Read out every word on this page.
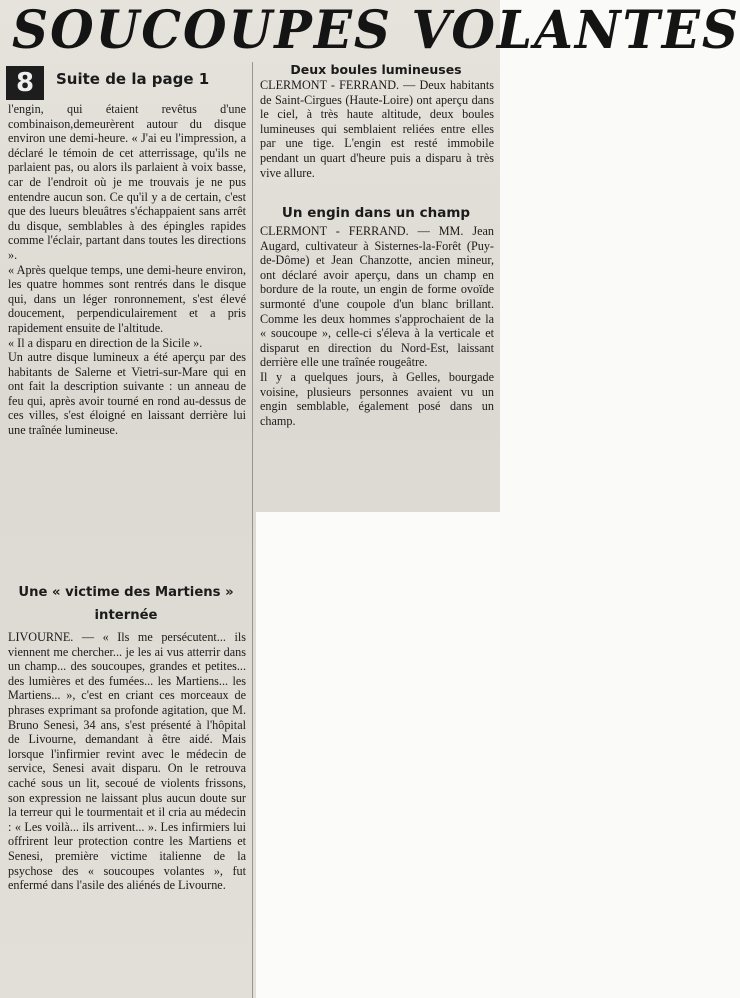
SOUCOUPES VOLANTES
8	Suite de la page 1
l'engin, qui étaient revêtus d'une combinaison,demeurèrent autour du disque environ une demi-heure. « J'ai eu l'impression, a déclaré le témoin de cet atterrissage, qu'ils ne parlaient pas, ou alors ils parlaient à voix basse, car de l'endroit où je me trouvais je ne pus entendre aucun son. Ce qu'il y a de certain, c'est que des lueurs bleuâtres s'échappaient sans arrêt du disque, semblables à des épingles rapides comme l'éclair, partant dans toutes les directions ».
« Après quelque temps, une demi-heure environ, les quatre hommes sont rentrés dans le disque qui, dans un léger ronronnement, s'est élevé doucement, perpendiculairement et a pris rapidement ensuite de l'altitude.
« Il a disparu en direction de la Sicile ».
Un autre disque lumineux a été aperçu par des habitants de Salerne et Vietri-sur-Mare qui en ont fait la description suivante : un anneau de feu qui, après avoir tourné en rond au-dessus de ces villes, s'est éloigné en laissant derrière lui une traînée lumineuse.
Une « victime des Martiens »
internée
LIVOURNE. — « Ils me persécutent... ils viennent me chercher... je les ai vus atterrir dans un champ... des soucoupes, grandes et petites... des lumières et des fumées... les Martiens... les Martiens... », c'est en criant ces morceaux de phrases exprimant sa profonde agitation, que M. Bruno Senesi, 34 ans, s'est présenté à l'hôpital de Livourne, demandant à être aidé. Mais lorsque l'infirmier revint avec le médecin de service, Senesi avait disparu. On le retrouva caché sous un lit, secoué de violents frissons, son expression ne laissant plus aucun doute sur la terreur qui le tourmentait et il cria au médecin : « Les voilà... ils arrivent... ». Les infirmiers lui offrirent leur protection contre les Martiens et Senesi, première victime italienne de la psychose des « soucoupes volantes », fut enfermé dans l'asile des aliénés de Livourne.
Deux boules lumineuses
CLERMONT - FERRAND. — Deux habitants de Saint-Cirgues (Haute-Loire) ont aperçu dans le ciel, à très haute altitude, deux boules lumineuses qui semblaient reliées entre elles par une tige. L'engin est resté immobile pendant un quart d'heure puis a disparu à très vive allure.
Un engin dans un champ
CLERMONT - FERRAND. — MM. Jean Augard, cultivateur à Sisternes-la-Forêt (Puy-de-Dôme) et Jean Chanzotte, ancien mineur, ont déclaré avoir aperçu, dans un champ en bordure de la route, un engin de forme ovoïde surmonté d'une coupole d'un blanc brillant. Comme les deux hommes s'approchaient de la « soucoupe », celle-ci s'éleva à la verticale et disparut en direction du Nord-Est, laissant derrière elle une traînée rougeâtre.
Il y a quelques jours, à Gelles, bourgade voisine, plusieurs personnes avaient vu un engin semblable, également posé dans un champ.
